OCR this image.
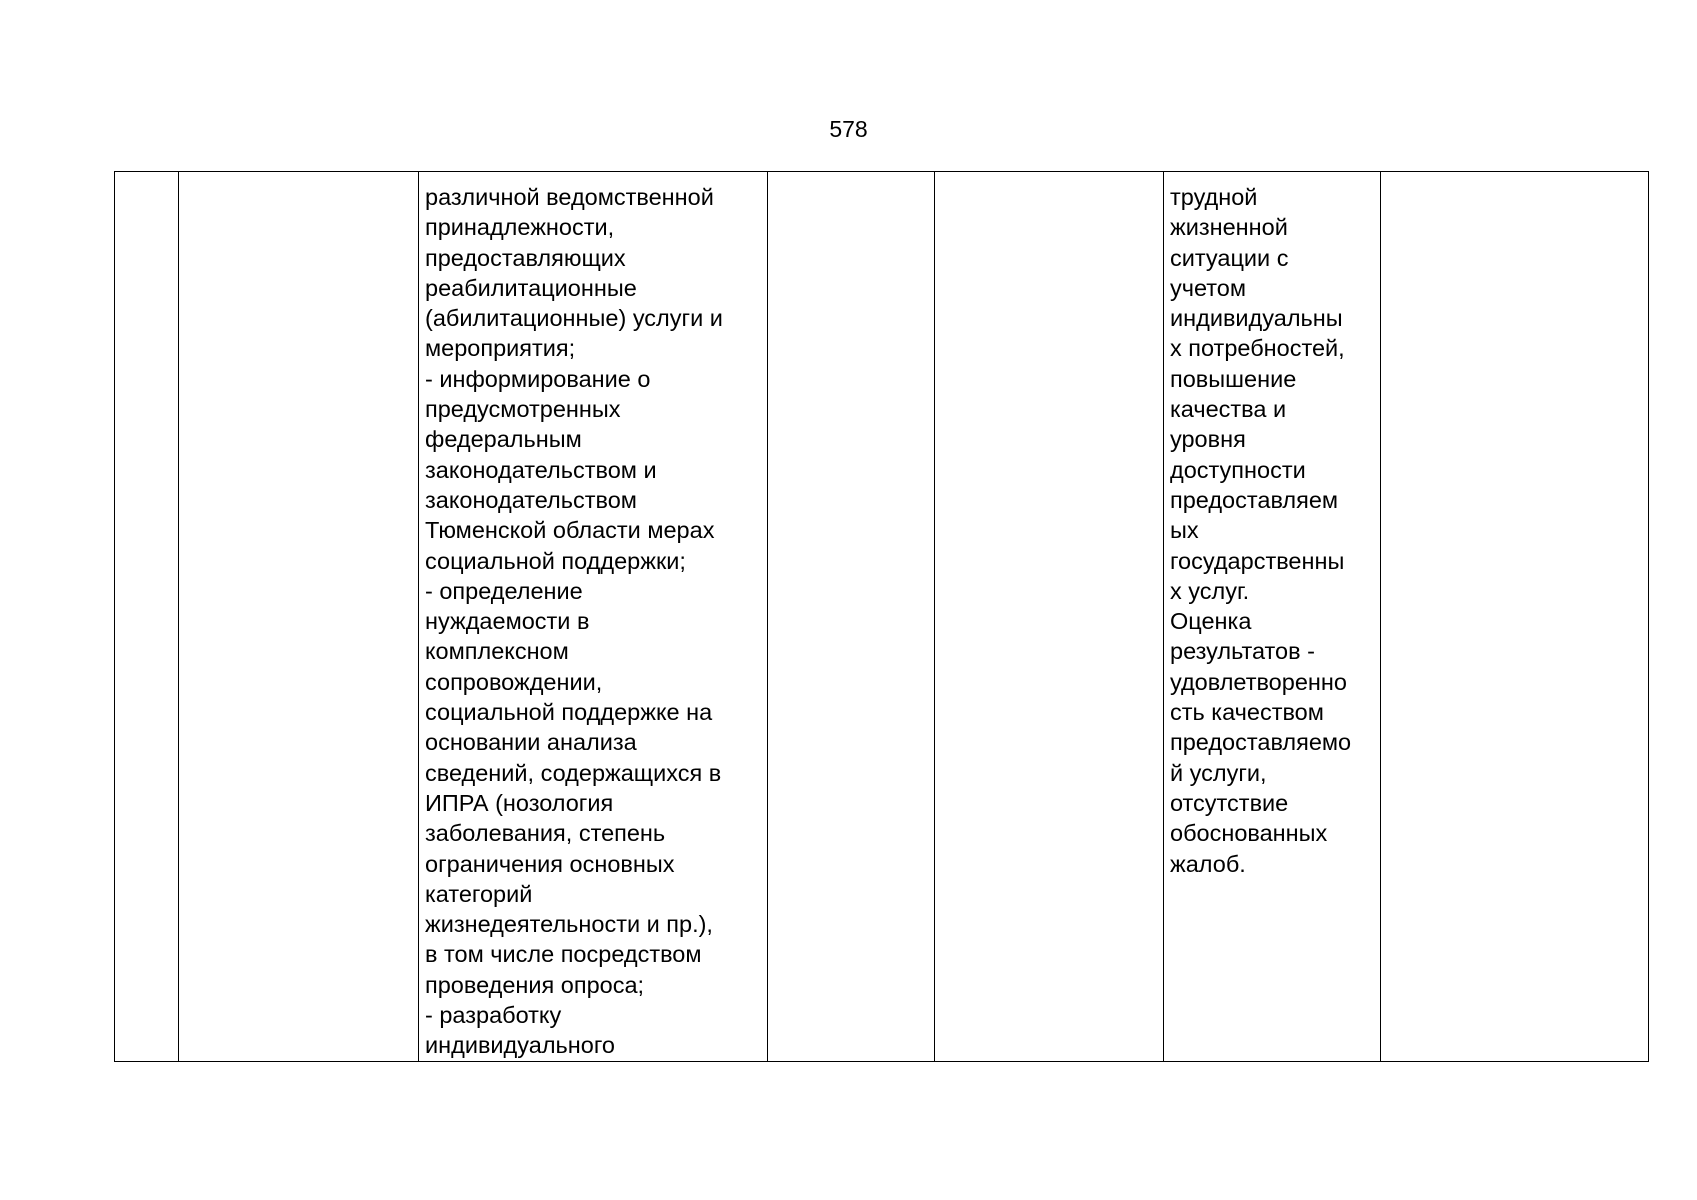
578
		различной ведомственной
принадлежности,
предоставляющих
реабилитационные
(абилитационные) услуги и
мероприятия;
- информирование о
предусмотренных
федеральным
законодательством и
законодательством
Тюменской области мерах
социальной поддержки;
- определение
нуждаемости в
комплексном
сопровождении,
социальной поддержке на
основании анализа
сведений, содержащихся в
ИПРА (нозология
заболевания, степень
ограничения основных
категорий
жизнедеятельности и пр.),
в том числе посредством
проведения опроса;
- разработку
индивидуального			трудной
жизненной
ситуации с
учетом
индивидуальны
х потребностей,
повышение
качества и
уровня
доступности
предоставляем
ых
государственны
х услуг.
Оценка
результатов -
удовлетворенно
сть качеством
предоставляемо
й услуги,
отсутствие
обоснованных
жалоб.	
